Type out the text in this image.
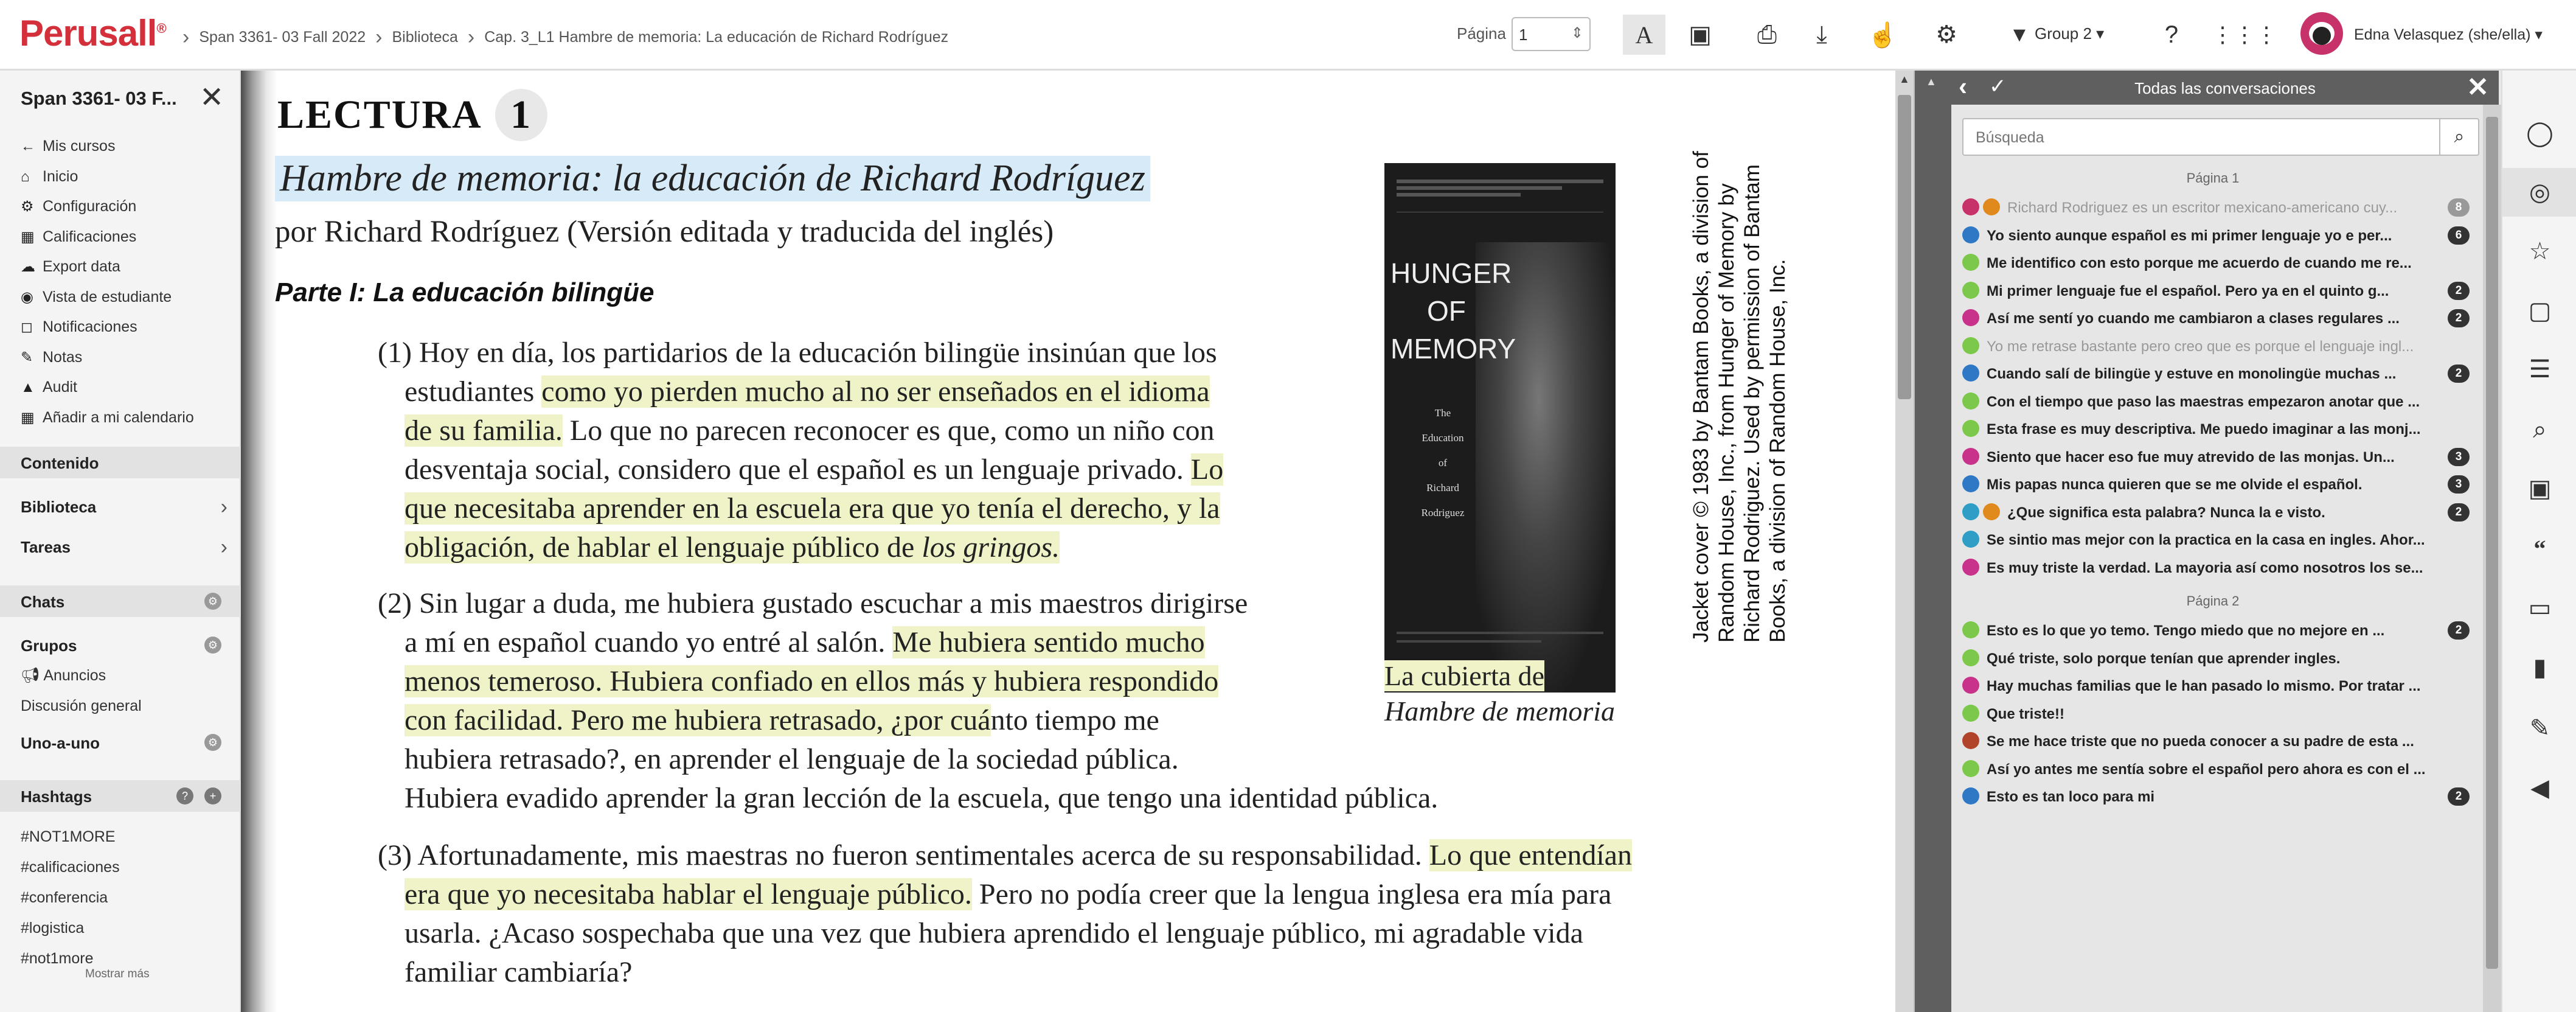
Perusall® › Span 3361- 03 Fall 2022 › Biblioteca › Cap. 3_L1 Hambre de memoria: La educación de Richard Rodríguez	Página 1	⇕	A	▣	⎙	⤓	☝	⚙	▼ Group 2 ▾	?	⋮⋮⋮	Edna Velasquez (she/ella) ▾
Span 3361- 03 F... ✕
← Mis cursos
⌂ Inicio
⚙ Configuración
▦ Calificaciones
☁ Export data
◉ Vista de estudiante
◻ Notificaciones
✎ Notas
▲ Audit
▦ Añadir a mi calendario
Contenido
Biblioteca	›
Tareas	›
Chats	⚙
Grupos	⚙
📢︎ Anuncios
Discusión general
Uno-a-uno	⚙
Hashtags	?	+
#NOT1MORE
#calificaciones
#conferencia
#logistica
#not1more
Mostrar más
LECTURA 1
Hambre de memoria: la educación de Richard Rodríguez
por Richard Rodríguez (Versión editada y traducida del inglés)
Parte I: La educación bilingüe
(1) Hoy en día, los partidarios de la educación bilingüe insinúan que los
estudiantes como yo pierden mucho al no ser enseñados en el idioma
de su familia. Lo que no parecen reconocer es que, como un niño con
desventaja social, considero que el español es un lenguaje privado. Lo
que necesitaba aprender en la escuela era que yo tenía el derecho, y la
obligación, de hablar el lenguaje público de los gringos.
(2) Sin lugar a duda, me hubiera gustado escuchar a mis maestros dirigirse
a mí en español cuando yo entré al salón. Me hubiera sentido mucho
menos temeroso. Hubiera confiado en ellos más y hubiera respondido
con facilidad. Pero me hubiera retrasado, ¿por cuánto tiempo me
hubiera retrasado?, en aprender el lenguaje de la sociedad pública.
Hubiera evadido aprender la gran lección de la escuela, que tengo una identidad pública.
(3) Afortunadamente, mis maestras no fueron sentimentales acerca de su responsabilidad. Lo que entendían
era que yo necesitaba hablar el lenguaje público. Pero no podía creer que la lengua inglesa era mía para
usarla. ¿Acaso sospechaba que una vez que hubiera aprendido el lenguaje público, mi agradable vida
familiar cambiaría?
HUNGER
OF
MEMORY
The
Education
of
Richard
Rodriguez	Jacket cover © 1983 by Bantam Books, a division of Random House, Inc., from Hunger of Memory by Richard Rodriguez. Used by permission of Bantam Books, a division of Random House, Inc.
La cubierta de
Hambre de memoria
▲ ▲ ‹ ✓	Todas las conversaciones	✕
Búsqueda
⌕
Página 1
Richard Rodriguez es un escritor mexicano-americano cuy...	8
Yo siento aunque español es mi primer lenguaje yo e per...	6
Me identifico con esto porque me acuerdo de cuando me re...
Mi primer lenguaje fue el español. Pero ya en el quinto g...	2
Así me sentí yo cuando me cambiaron a clases regulares ...	2
Yo me retrase bastante pero creo que es porque el lenguaje ingl...
Cuando salí de bilingüe y estuve en monolingüe muchas ...	2
Con el tiempo que paso las maestras empezaron anotar que ...
Esta frase es muy descriptiva. Me puedo imaginar a las monj...
Siento que hacer eso fue muy atrevido de las monjas. Un...	3
Mis papas nunca quieren que se me olvide el español.	3
¿Que significa esta palabra? Nunca la e visto.	2
Se sintio mas mejor con la practica en la casa en ingles. Ahor...
Es muy triste la verdad. La mayoria así como nosotros los se...
Página 2
Esto es lo que yo temo. Tengo miedo que no mejore en ...	2
Qué triste, solo porque tenían que aprender ingles.
Hay muchas familias que le han pasado lo mismo. Por tratar ...
Que triste!!
Se me hace triste que no pueda conocer a su padre de esta ...
Así yo antes me sentía sobre el español pero ahora es con el ...
Esto es tan loco para mi	2
◯
◎
☆
▢
☰
⌕
▣
“
▭
▮
✎
◀
